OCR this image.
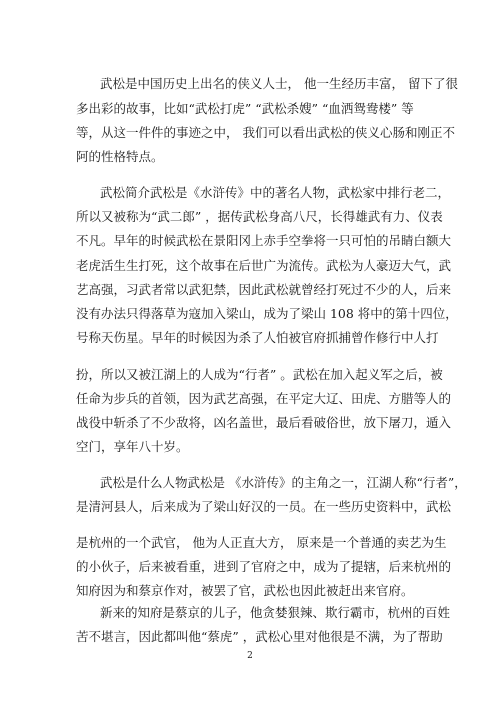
武松是中国历史上出名的侠义人士， 他一生经历丰富， 留下了很
多出彩的故事，比如“武松打虎” “武松杀嫂” “血洒鸳鸯楼” 等
等，从这一件件的事迹之中， 我们可以看出武松的侠义心肠和刚正不
阿的性格特点。
武松简介武松是《水浒传》中的著名人物，武松家中排行老二，
所以又被称为“武二郎” ，据传武松身高八尺，长得雄武有力、仪表
不凡。早年的时候武松在景阳冈上赤手空拳将一只可怕的吊睛白额大
老虎活生生打死，这个故事在后世广为流传。武松为人豪迈大气，武
艺高强，习武者常以武犯禁，因此武松就曾经打死过不少的人，后来
没有办法只得落草为寇加入梁山，成为了梁山 108 将中的第十四位，
号称天伤星。早年的时候因为杀了人怕被官府抓捕曾作修行中人打
扮，所以又被江湖上的人成为“行者” 。武松在加入起义军之后，被
任命为步兵的首领，因为武艺高强，在平定大辽、田虎、方腊等人的
战役中斩杀了不少敌将，凶名盖世，最后看破俗世，放下屠刀，遁入
空门，享年八十岁。
武松是什么人物武松是 《水浒传》的主角之一，江湖人称“行者”，
是清河县人，后来成为了梁山好汉的一员。在一些历史资料中，武松
是杭州的一个武官， 他为人正直大方， 原来是一个普通的卖艺为生
的小伙子，后来被看重，进到了官府之中，成为了提辖，后来杭州的
知府因为和蔡京作对，被罢了官，武松也因此被赶出来官府。
新来的知府是蔡京的儿子，他贪婪狠辣、欺行霸市，杭州的百姓
苦不堪言，因此都叫他“蔡虎” ，武松心里对他很是不满，为了帮助
2
